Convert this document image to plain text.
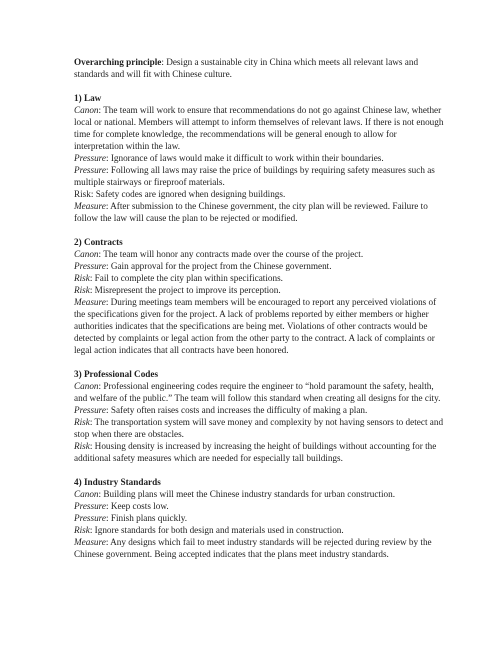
Overarching principle: Design a sustainable city in China which meets all relevant laws and standards and will fit with Chinese culture.

1) Law
Canon: The team will work to ensure that recommendations do not go against Chinese law, whether local or national. Members will attempt to inform themselves of relevant laws. If there is not enough time for complete knowledge, the recommendations will be general enough to allow for interpretation within the law.
Pressure: Ignorance of laws would make it difficult to work within their boundaries.
Pressure: Following all laws may raise the price of buildings by requiring safety measures such as multiple stairways or fireproof materials.
Risk: Safety codes are ignored when designing buildings.
Measure: After submission to the Chinese government, the city plan will be reviewed. Failure to follow the law will cause the plan to be rejected or modified.
2) Contracts
Canon: The team will honor any contracts made over the course of the project.
Pressure: Gain approval for the project from the Chinese government.
Risk: Fail to complete the city plan within specifications.
Risk: Misrepresent the project to improve its perception.
Measure: During meetings team members will be encouraged to report any perceived violations of the specifications given for the project. A lack of problems reported by either members or higher authorities indicates that the specifications are being met. Violations of other contracts would be detected by complaints or legal action from the other party to the contract. A lack of complaints or legal action indicates that all contracts have been honored.
3) Professional Codes
Canon: Professional engineering codes require the engineer to “hold paramount the safety, health, and welfare of the public.” The team will follow this standard when creating all designs for the city.
Pressure: Safety often raises costs and increases the difficulty of making a plan.
Risk: The transportation system will save money and complexity by not having sensors to detect and stop when there are obstacles.
Risk: Housing density is increased by increasing the height of buildings without accounting for the additional safety measures which are needed for especially tall buildings.
4) Industry Standards
Canon: Building plans will meet the Chinese industry standards for urban construction.
Pressure: Keep costs low.
Pressure: Finish plans quickly.
Risk: Ignore standards for both design and materials used in construction.
Measure: Any designs which fail to meet industry standards will be rejected during review by the Chinese government. Being accepted indicates that the plans meet industry standards.
